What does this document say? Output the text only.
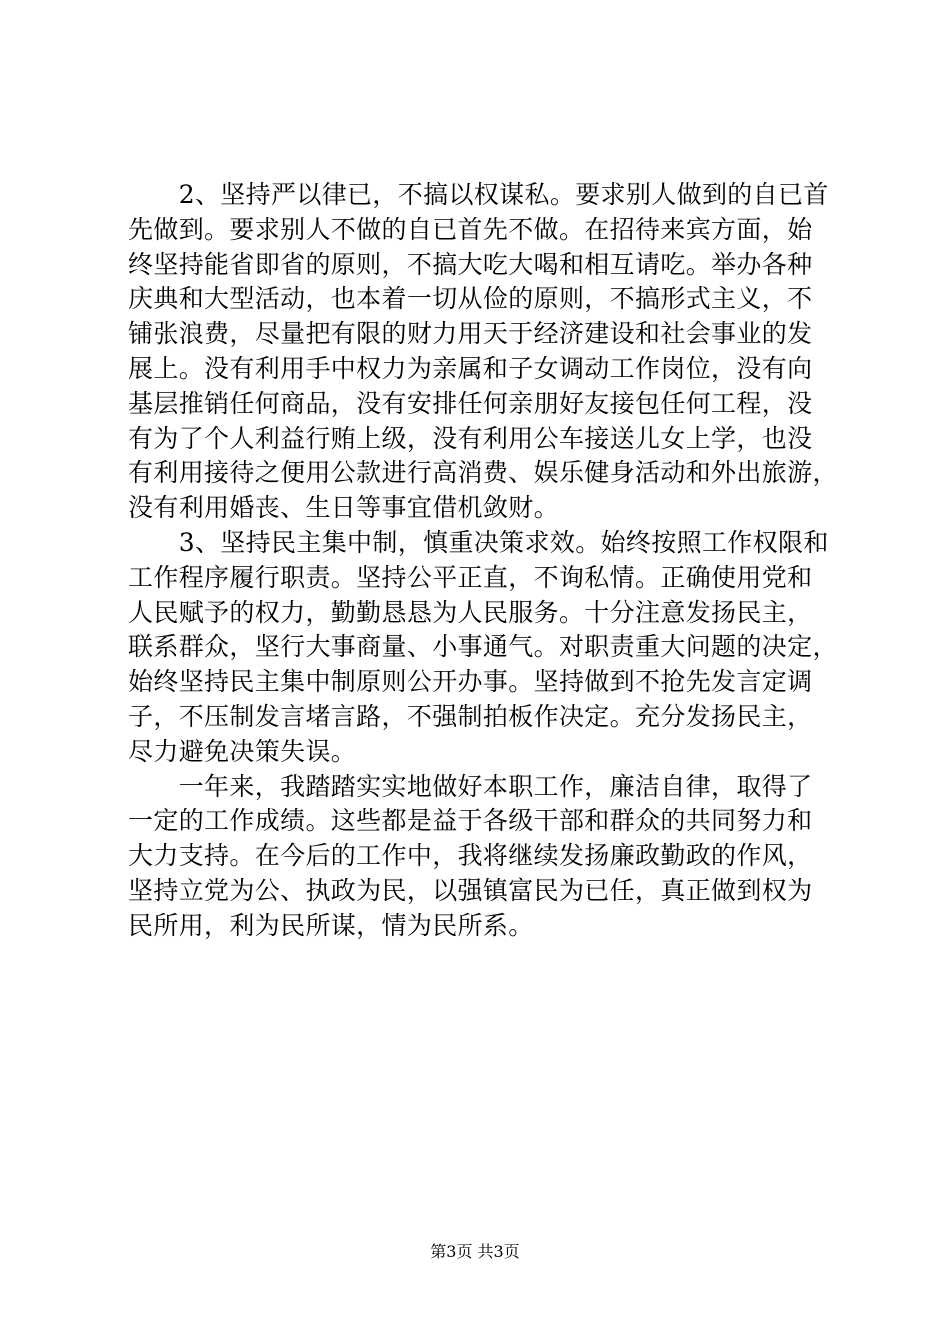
　　2、坚持严以律已，不搞以权谋私。要求别人做到的自已首
先做到。要求别人不做的自已首先不做。在招待来宾方面，始
终坚持能省即省的原则，不搞大吃大喝和相互请吃。举办各种
庆典和大型活动，也本着一切从俭的原则，不搞形式主义，不
铺张浪费，尽量把有限的财力用天于经济建设和社会事业的发
展上。没有利用手中权力为亲属和子女调动工作岗位，没有向
基层推销任何商品，没有安排任何亲朋好友接包任何工程，没
有为了个人利益行贿上级，没有利用公车接送儿女上学，也没
有利用接待之便用公款进行高消费、娱乐健身活动和外出旅游，
没有利用婚丧、生日等事宜借机敛财。
　　3、坚持民主集中制，慎重决策求效。始终按照工作权限和
工作程序履行职责。坚持公平正直，不询私情。正确使用党和
人民赋予的权力，勤勤恳恳为人民服务。十分注意发扬民主，
联系群众，坚行大事商量、小事通气。对职责重大问题的决定，
始终坚持民主集中制原则公开办事。坚持做到不抢先发言定调
子，不压制发言堵言路，不强制拍板作决定。充分发扬民主，
尽力避免决策失误。
　　一年来，我踏踏实实地做好本职工作，廉洁自律，取得了
一定的工作成绩。这些都是益于各级干部和群众的共同努力和
大力支持。在今后的工作中，我将继续发扬廉政勤政的作风，
坚持立党为公、执政为民，以强镇富民为已任，真正做到权为
民所用，利为民所谋，情为民所系。
第3页 共3页
